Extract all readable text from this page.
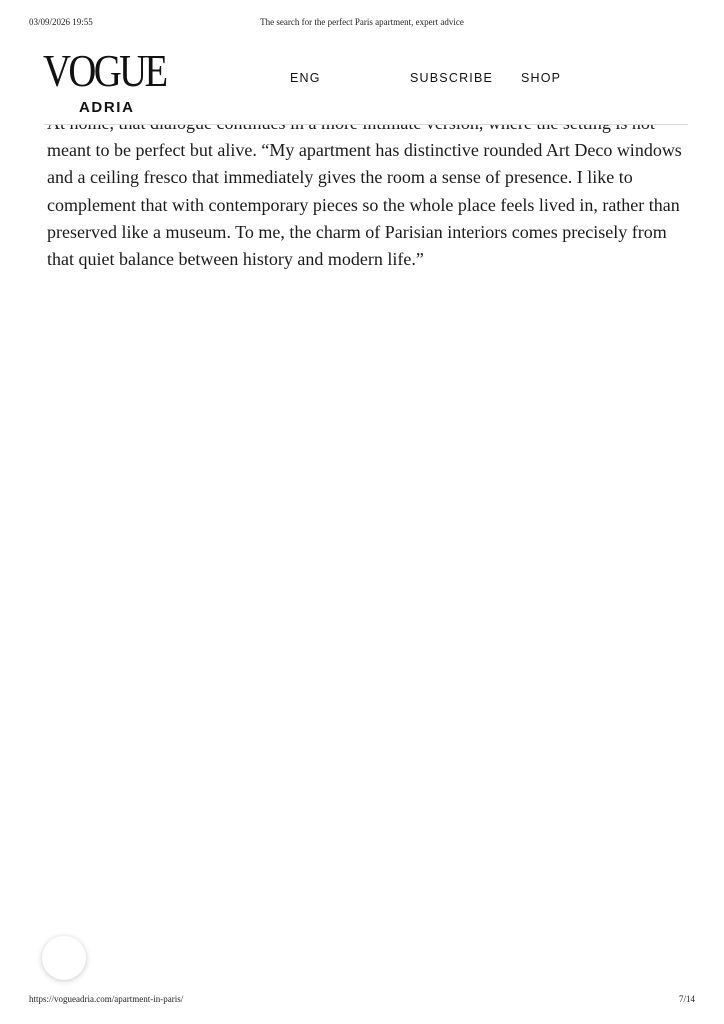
03/09/2026 19:55	The search for the perfect Paris apartment, expert advice

meant to be perfect but alive. “My apartment has distinctive rounded Art Deco windows and a ceiling fresco that immediately gives the room a sense of presence. I like to complement that with contemporary pieces so the whole place feels lived in, rather than preserved like a museum. To me, the charm of Parisian interiors comes precisely from that quiet balance between history and modern life.”

VOGUE
ADRIA
ENG	SUBSCRIBE SHOP
https://vogueadria.com/apartment-in-paris/	7/14
